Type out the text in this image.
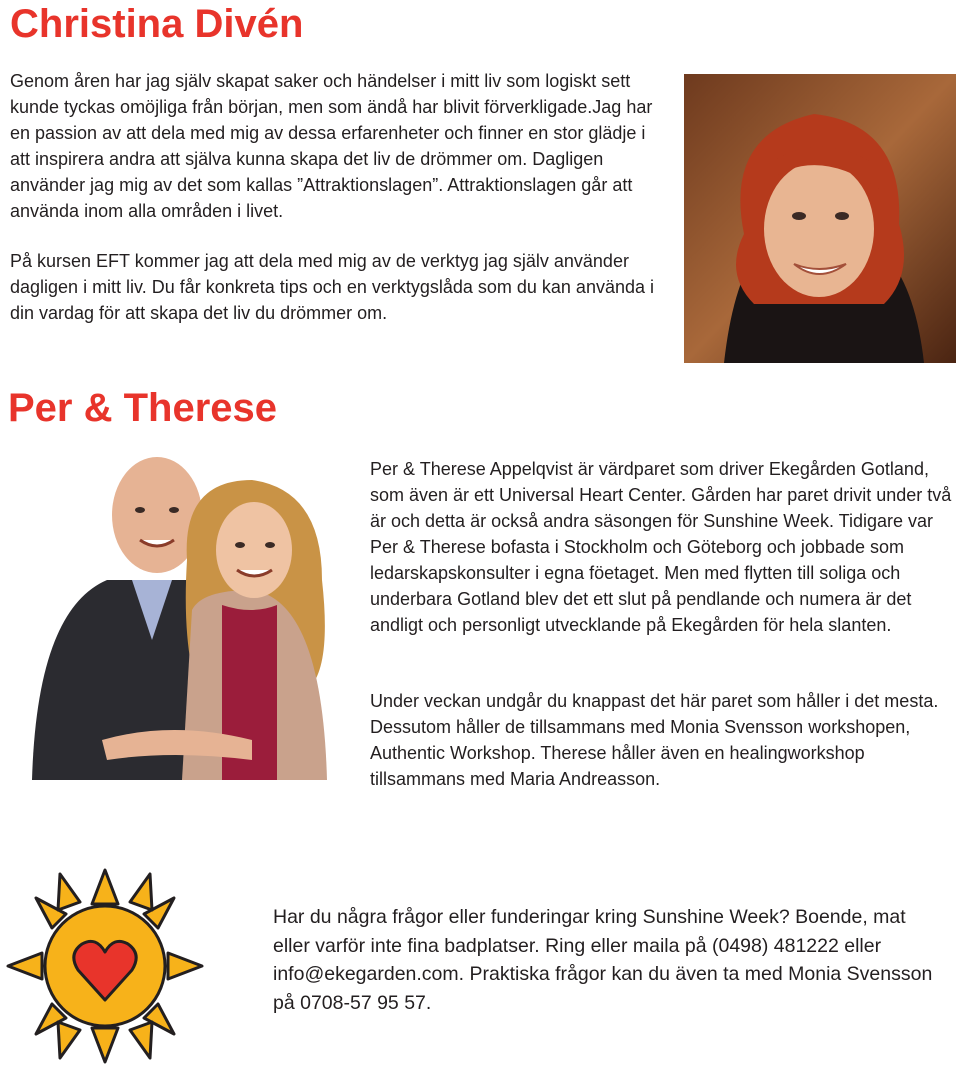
Christina Divén

Genom åren har jag själv skapat saker och händelser i mitt liv som logiskt sett kunde tyckas omöjliga från början, men som ändå har blivit förverkligade.Jag har en passion av att dela med mig av dessa erfarenheter och finner en stor glädje i att inspirera andra att själva kunna skapa det liv de drömmer om. Dagligen använder jag mig av det som kallas ”Attraktionslagen”. Attraktionslagen går att använda inom alla områden i livet.

På kursen EFT kommer jag att dela med mig av de verktyg jag själv använder dagligen i mitt liv. Du får konkreta tips och en verktygslåda som du kan använda i din vardag för att skapa det liv du drömmer om.

Per & Therese

Per & Therese Appelqvist är värdparet som driver Ekegården Gotland, som även är ett Universal Heart Center. Gården har paret drivit under två är och detta är också andra säsongen för Sunshine Week. Tidigare var Per & Therese bofasta i Stockholm och Göteborg och jobbade som ledarskapskonsulter i egna föetaget. Men med flytten till soliga och underbara Gotland blev det ett slut på pendlande och numera är det andligt och personligt utvecklande på Ekegården för hela slanten.

Under veckan undgår du knappast det här paret som håller i det mesta. Dessutom håller de tillsammans med Monia Svensson workshopen, Authentic Workshop. Therese håller även en healingworkshop tillsammans med Maria Andreasson.

Har du några frågor eller funderingar kring Sunshine Week? Boende, mat eller varför inte fina badplatser. Ring eller maila på (0498) 481222 eller info@ekegarden.com. Praktiska frågor kan du även ta med Monia Svensson på 0708-57 95 57.
